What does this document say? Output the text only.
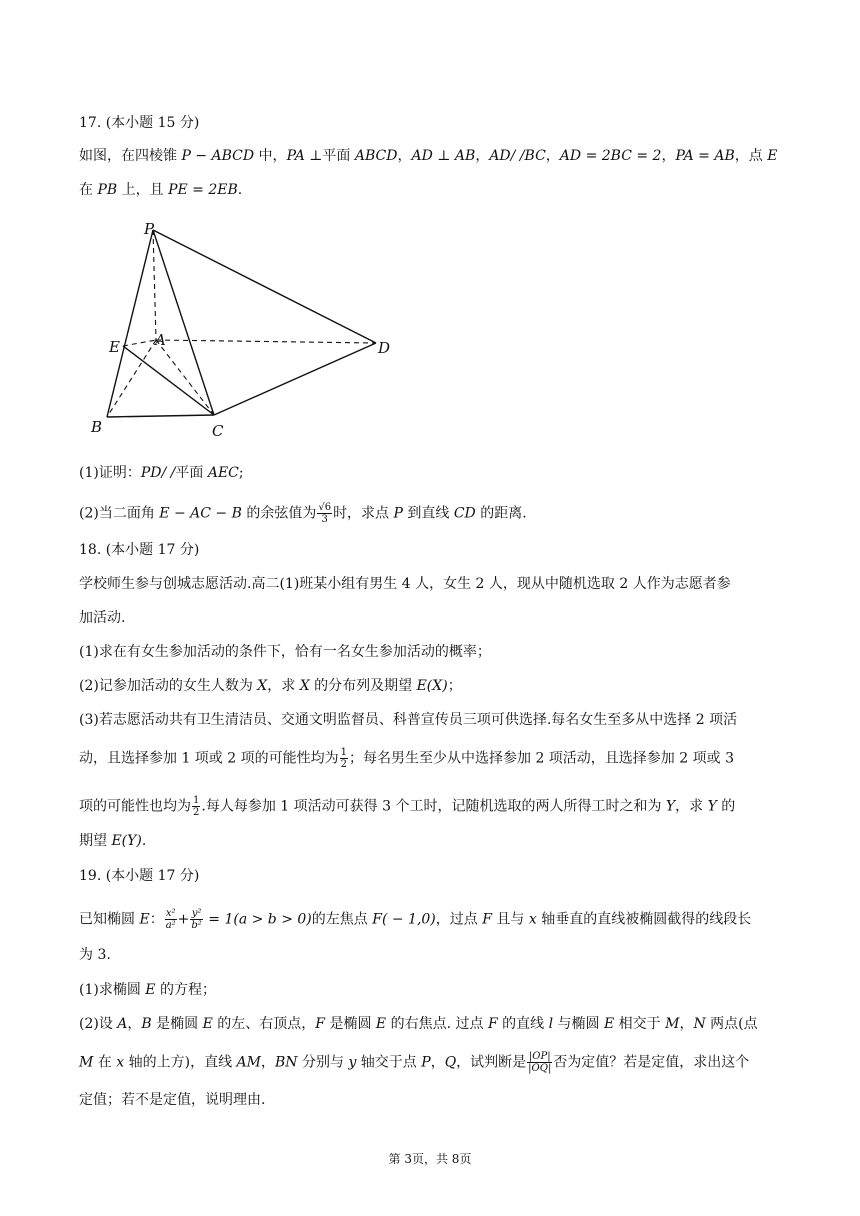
17. (本小题 15 分)
如图，在四棱锥 P − ABCD 中，PA ⊥平面 ABCD，AD ⊥ AB，AD/ /BC，AD = 2BC = 2，PA = AB，点 E
在 PB 上，且 PE = 2EB.
P
E A	D
B	C
(1)证明：PD/ /平面 AEC;
(2)当二面角 E − AC − B 的余弦值为 $\frac{√6}{3}$ 时，求点 P 到直线 CD 的距离.
18. (本小题 17 分)
学校师生参与创城志愿活动.高二(1)班某小组有男生 4 人，女生 2 人，现从中随机选取 2 人作为志愿者参
加活动.
(1)求在有女生参加活动的条件下，恰有一名女生参加活动的概率；
(2)记参加活动的女生人数为 X，求 X 的分布列及期望 E(X)；
(3)若志愿活动共有卫生清洁员、交通文明监督员、科普宣传员三项可供选择.每名女生至多从中选择 2 项活
动，且选择参加 1 项或 2 项的可能性均为 $\frac{1}{2}$ ；每名男生至少从中选择参加 2 项活动，且选择参加 2 项或 3
项的可能性也均为 $\frac{1}{2}$ .每人每参加 1 项活动可获得 3 个工时，记随机选取的两人所得工时之和为 Y，求 Y 的
期望 E(Y).
19. (本小题 17 分)
已知椭圆 E： $\frac{\text{x²}}{\text{a²}} + \frac{\text{y²}}{\text{b²}} = 1(a > b > 0)$的左焦点 F( − 1,0)，过点 F 且与 x 轴垂直的直线被椭圆截得的线段长
为 3.
(1)求椭圆 E 的方程；
(2)设 A，B 是椭圆 E 的左、右顶点，F 是椭圆 E 的右焦点. 过点 F 的直线 l 与椭圆 E 相交于 M，N 两点(点
M 在 x 轴的上方)，直线 AM，BN 分别与 y 轴交于点 P，Q，试判断是 $\frac{|OP|}{|OQ|}$ 否为定值？若是定值，求出这个
定值；若不是定值，说明理由.
第 3页，共 8页
